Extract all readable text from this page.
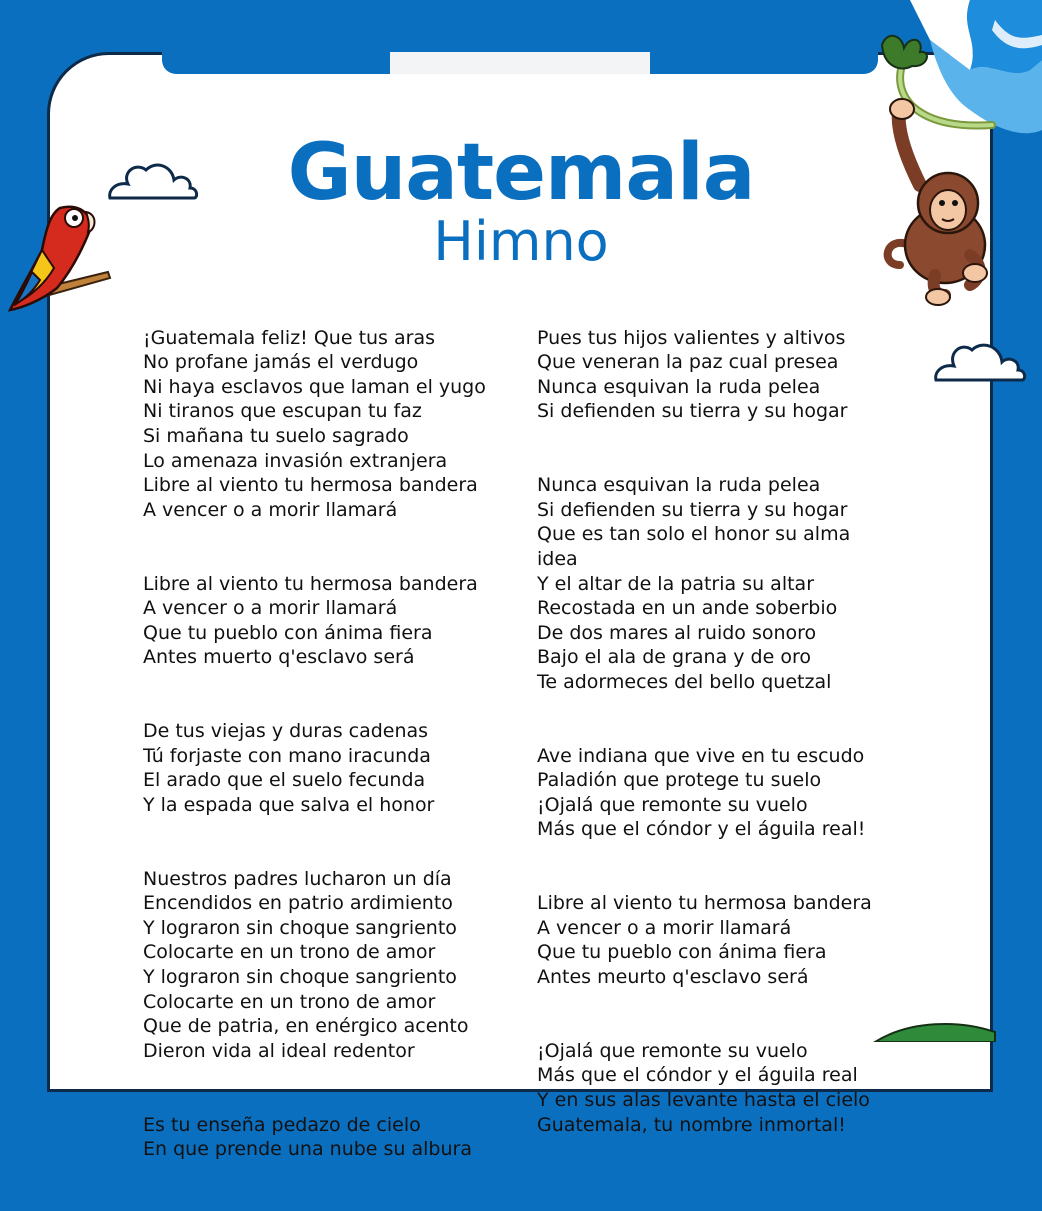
Guatemala
Himno

¡Guatemala feliz! Que tus aras
No profane jamás el verdugo
Ni haya esclavos que laman el yugo
Ni tiranos que escupan tu faz
Si mañana tu suelo sagrado
Lo amenaza invasión extranjera
Libre al viento tu hermosa bandera
A vencer o a morir llamará

Libre al viento tu hermosa bandera
A vencer o a morir llamará
Que tu pueblo con ánima fiera
Antes muerto q'esclavo será

De tus viejas y duras cadenas
Tú forjaste con mano iracunda
El arado que el suelo fecunda
Y la espada que salva el honor

Nuestros padres lucharon un día
Encendidos en patrio ardimiento
Y lograron sin choque sangriento
Colocarte en un trono de amor
Y lograron sin choque sangriento
Colocarte en un trono de amor
Que de patria, en enérgico acento
Dieron vida al ideal redentor

Es tu enseña pedazo de cielo
En que prende una nube su albura

Pues tus hijos valientes y altivos
Que veneran la paz cual presea
Nunca esquivan la ruda pelea
Si defienden su tierra y su hogar

Nunca esquivan la ruda pelea
Si defienden su tierra y su hogar
Que es tan solo el honor su alma
idea
Y el altar de la patria su altar
Recostada en un ande soberbio
De dos mares al ruido sonoro
Bajo el ala de grana y de oro
Te adormeces del bello quetzal

Ave indiana que vive en tu escudo
Paladión que protege tu suelo
¡Ojalá que remonte su vuelo
Más que el cóndor y el águila real!

Libre al viento tu hermosa bandera
A vencer o a morir llamará
Que tu pueblo con ánima fiera
Antes meurto q'esclavo será

¡Ojalá que remonte su vuelo
Más que el cóndor y el águila real
Y en sus alas levante hasta el cielo
Guatemala, tu nombre inmortal!
